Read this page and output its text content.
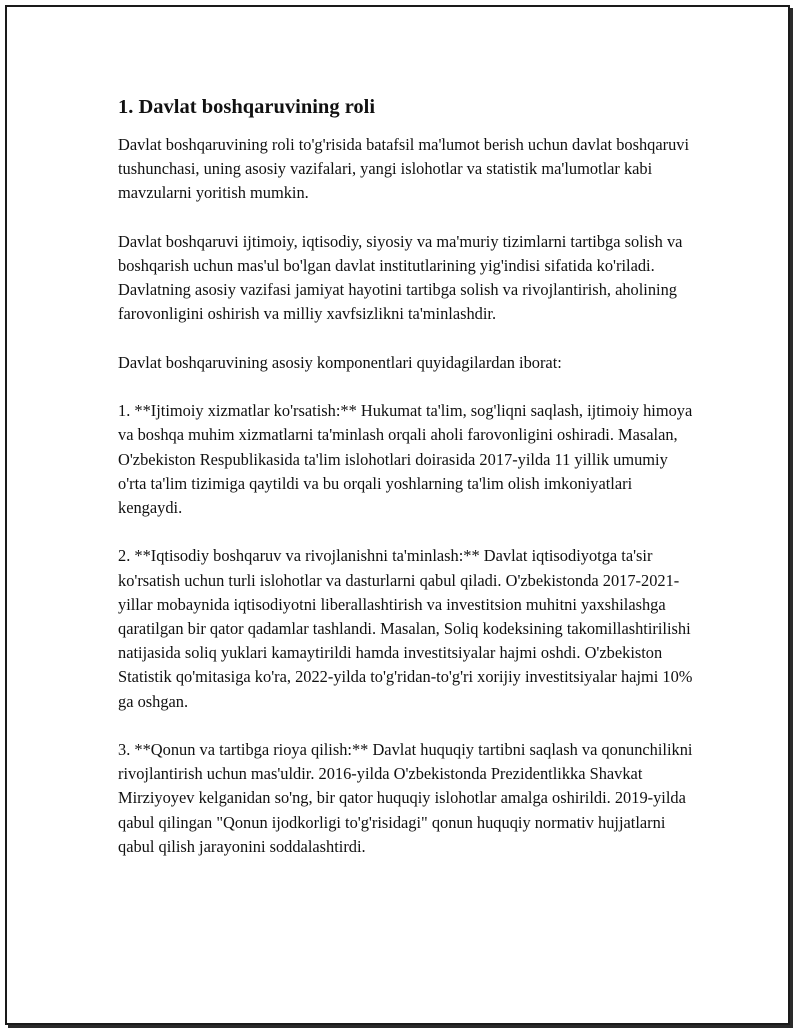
1. Davlat boshqaruvining roli

Davlat boshqaruvining roli to'g'risida batafsil ma'lumot berish uchun davlat boshqaruvi tushunchasi, uning asosiy vazifalari, yangi islohotlar va statistik ma'lumotlar kabi mavzularni yoritish mumkin.

Davlat boshqaruvi ijtimoiy, iqtisodiy, siyosiy va ma'muriy tizimlarni tartibga solish va boshqarish uchun mas'ul bo'lgan davlat institutlarining yig'indisi sifatida ko'riladi. Davlatning asosiy vazifasi jamiyat hayotini tartibga solish va rivojlantirish, aholining farovonligini oshirish va milliy xavfsizlikni ta'minlashdir.

Davlat boshqaruvining asosiy komponentlari quyidagilardan iborat:

1. **Ijtimoiy xizmatlar ko'rsatish:** Hukumat ta'lim, sog'liqni saqlash, ijtimoiy himoya va boshqa muhim xizmatlarni ta'minlash orqali aholi farovonligini oshiradi. Masalan, O'zbekiston Respublikasida ta'lim islohotlari doirasida 2017-yilda 11 yillik umumiy o'rta ta'lim tizimiga qaytildi va bu orqali yoshlarning ta'lim olish imkoniyatlari kengaydi.

2. **Iqtisodiy boshqaruv va rivojlanishni ta'minlash:** Davlat iqtisodiyotga ta'sir ko'rsatish uchun turli islohotlar va dasturlarni qabul qiladi. O'zbekistonda 2017-2021-yillar mobaynida iqtisodiyotni liberallashtirish va investitsion muhitni yaxshilashga qaratilgan bir qator qadamlar tashlandi. Masalan, Soliq kodeksining takomillashtirilishi natijasida soliq yuklari kamaytirildi hamda investitsiyalar hajmi oshdi. O'zbekiston Statistik qo'mitasiga ko'ra, 2022-yilda to'g'ridan-to'g'ri xorijiy investitsiyalar hajmi 10% ga oshgan.

3. **Qonun va tartibga rioya qilish:** Davlat huquqiy tartibni saqlash va qonunchilikni rivojlantirish uchun mas'uldir. 2016-yilda O'zbekistonda Prezidentlikka Shavkat Mirziyoyev kelganidan so'ng, bir qator huquqiy islohotlar amalga oshirildi. 2019-yilda qabul qilingan "Qonun ijodkorligi to'g'risidagi" qonun huquqiy normativ hujjatlarni qabul qilish jarayonini soddalashtirdi.
